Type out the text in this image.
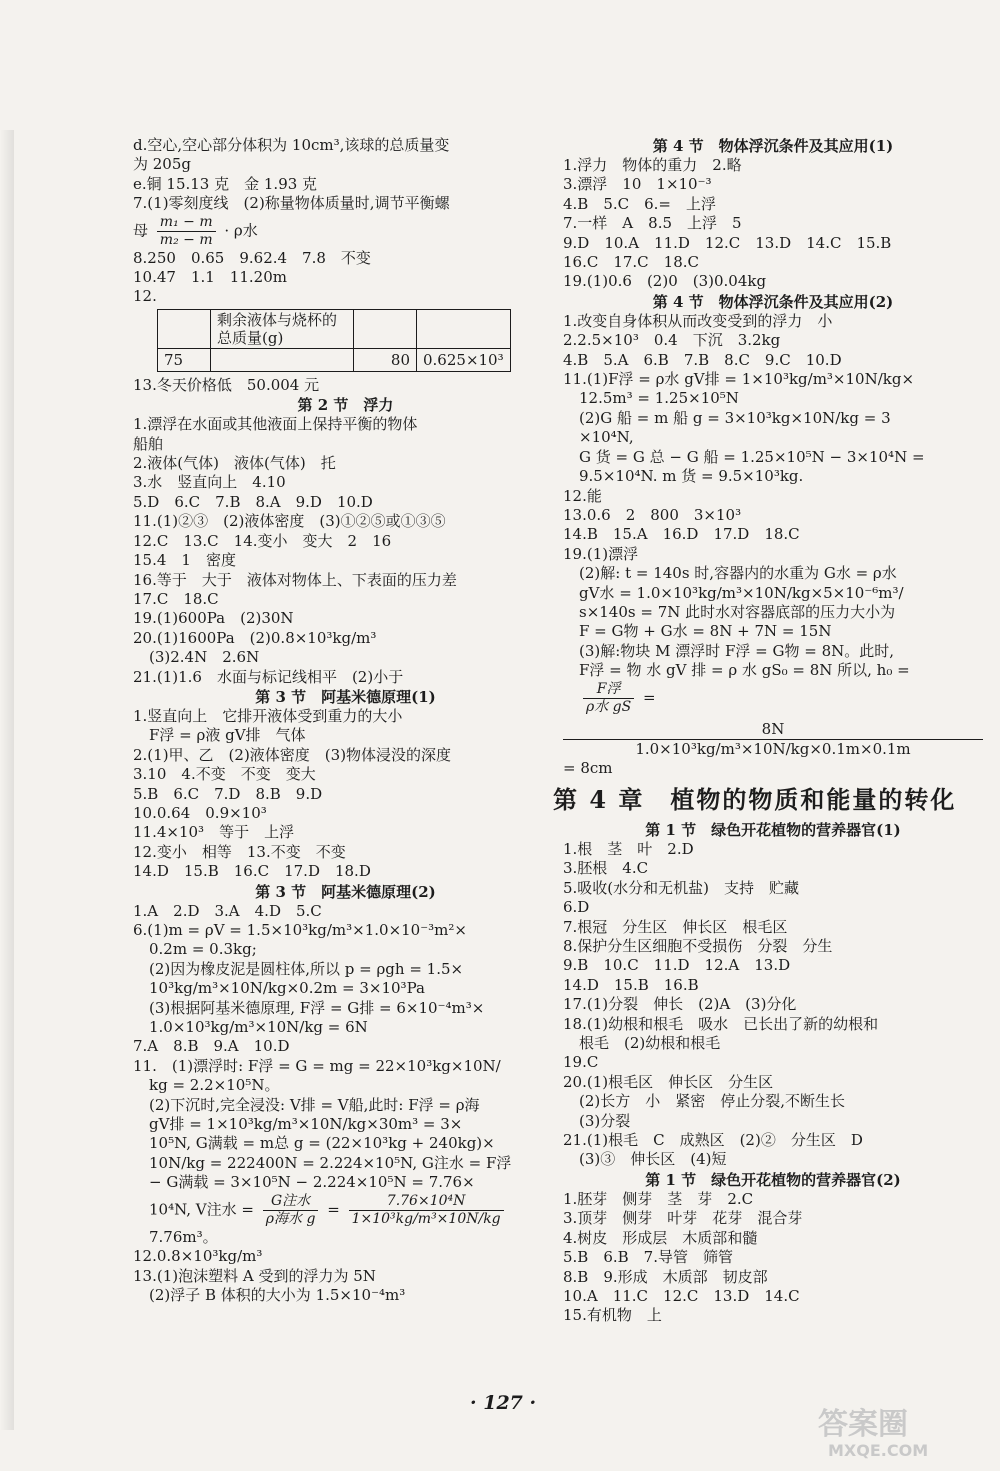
d.空心,空心部分体积为 10cm³,该球的总质量变
为 205g
e.铜 15.13 克　金 1.93 克
7.(1)零刻度线　(2)称量物体质量时,调节平衡螺
母 $\frac{\text{m₁ − m}}{\text{m₂ − m}} \cdot \rho$水
8.250　0.65　9.62.4　7.8　不变
10.47　1.1　11.20m
12.
	剩余液体与烧杯的总质量(g)		
75		80	0.625×10³
13.冬天价格低　50.004 元
第 2 节　浮力
1.漂浮在水面或其他液面上保持平衡的物体
船舶
2.液体(气体)　液体(气体)　托
3.水　竖直向上　4.10
5.D　6.C　7.B　8.A　9.D　10.D
11.(1)②③　(2)液体密度　(3)①②⑤或①③⑤
12.C　13.C　14.变小　变大　2　16
15.4　1　密度
16.等于　大于　液体对物体上、下表面的压力差
17.C　18.C
19.(1)600Pa　(2)30N
20.(1)1600Pa　(2)0.8×10³kg/m³
(3)2.4N　2.6N
21.(1)1.6　水面与标记线相平　(2)小于
第 3 节　阿基米德原理(1)
1.竖直向上　它排开液体受到重力的大小
F浮 = ρ液 gV排　气体
2.(1)甲、乙　(2)液体密度　(3)物体浸没的深度
3.10　4.不变　不变　变大
5.B　6.C　7.D　8.B　9.D
10.0.64　0.9×10³
11.4×10³　等于　上浮
12.变小　相等　13.不变　不变
14.D　15.B　16.C　17.D　18.D
第 3 节　阿基米德原理(2)
1.A　2.D　3.A　4.D　5.C
6.(1)m = ρV = 1.5×10³kg/m³×1.0×10⁻³m²×
0.2m = 0.3kg;
(2)因为橡皮泥是圆柱体,所以 p = ρgh = 1.5×
10³kg/m³×10N/kg×0.2m = 3×10³Pa
(3)根据阿基米德原理, F浮 = G排 = 6×10⁻⁴m³×
1.0×10³kg/m³×10N/kg = 6N
7.A　8.B　9.A　10.D
11.　(1)漂浮时: F浮 = G = mg = 22×10³kg×10N/
kg = 2.2×10⁵N。
(2)下沉时,完全浸没: V排 = V船,此时: F浮 = ρ海
gV排 = 1×10³kg/m³×10N/kg×30m³ = 3×
10⁵N, G满载 = m总 g = (22×10³kg + 240kg)×
10N/kg = 222400N = 2.224×10⁵N, G注水 = F浮
− G满载 = 3×10⁵N − 2.224×10⁵N = 7.76×
10⁴N, V注水 = $\frac{\text{G注水}}{\text{ρ海水 g}} = \frac{\text{7.76×10⁴N}}{\text{1×10³kg/m³×10N/kg}}$
7.76m³。
12.0.8×10³kg/m³
13.(1)泡沫塑料 A 受到的浮力为 5N
(2)浮子 B 体积的大小为 1.5×10⁻⁴m³
第 4 节　物体浮沉条件及其应用(1)
1.浮力　物体的重力　2.略
3.漂浮　10　1×10⁻³
4.B　5.C　6.=　上浮
7.一样　A　8.5　上浮　5
9.D　10.A　11.D　12.C　13.D　14.C　15.B
16.C　17.C　18.C
19.(1)0.6　(2)0　(3)0.04kg
第 4 节　物体浮沉条件及其应用(2)
1.改变自身体积从而改变受到的浮力　小
2.2.5×10³　0.4　下沉　3.2kg
4.B　5.A　6.B　7.B　8.C　9.C　10.D
11.(1)F浮 = ρ水 gV排 = 1×10³kg/m³×10N/kg×
12.5m³ = 1.25×10⁵N
(2)G 船 = m 船 g = 3×10³kg×10N/kg = 3
×10⁴N,
G 货 = G 总 − G 船 = 1.25×10⁵N − 3×10⁴N =
9.5×10⁴N. m 货 = 9.5×10³kg.
12.能
13.0.6　2　800　3×10³
14.B　15.A　16.D　17.D　18.C
19.(1)漂浮
(2)解: t = 140s 时,容器内的水重为 G水 = ρ水
gV水 = 1.0×10³kg/m³×10N/kg×5×10⁻⁶m³/
s×140s = 7N 此时水对容器底部的压力大小为
F = G物 + G水 = 8N + 7N = 15N
(3)解:物块 M 漂浮时 F浮 = G物 = 8N。此时,
F浮 = 物 水 gV 排 = ρ 水 gS₀ = 8N 所以, h₀ =
$\frac{\text{F浮}}{\text{ρ水 gS}}$ =
8N
1.0×10³kg/m³×10N/kg×0.1m×0.1m
= 8cm
第 4 章　植物的物质和能量的转化
第 1 节　绿色开花植物的营养器官(1)
1.根　茎　叶　2.D
3.胚根　4.C
5.吸收(水分和无机盐)　支持　贮藏
6.D
7.根冠　分生区　伸长区　根毛区
8.保护分生区细胞不受损伤　分裂　分生
9.B　10.C　11.D　12.A　13.D
14.D　15.B　16.B
17.(1)分裂　伸长　(2)A　(3)分化
18.(1)幼根和根毛　吸水　已长出了新的幼根和
根毛　(2)幼根和根毛
19.C
20.(1)根毛区　伸长区　分生区
(2)长方　小　紧密　停止分裂,不断生长
(3)分裂
21.(1)根毛　C　成熟区　(2)②　分生区　D
(3)③　伸长区　(4)短
第 1 节　绿色开花植物的营养器官(2)
1.胚芽　侧芽　茎　芽　2.C
3.顶芽　侧芽　叶芽　花芽　混合芽
4.树皮　形成层　木质部和髓
5.B　6.B　7.导管　筛管
8.B　9.形成　木质部　韧皮部
10.A　11.C　12.C　13.D　14.C
15.有机物　上
· 127 ·
答案圈
MXQE.COM
